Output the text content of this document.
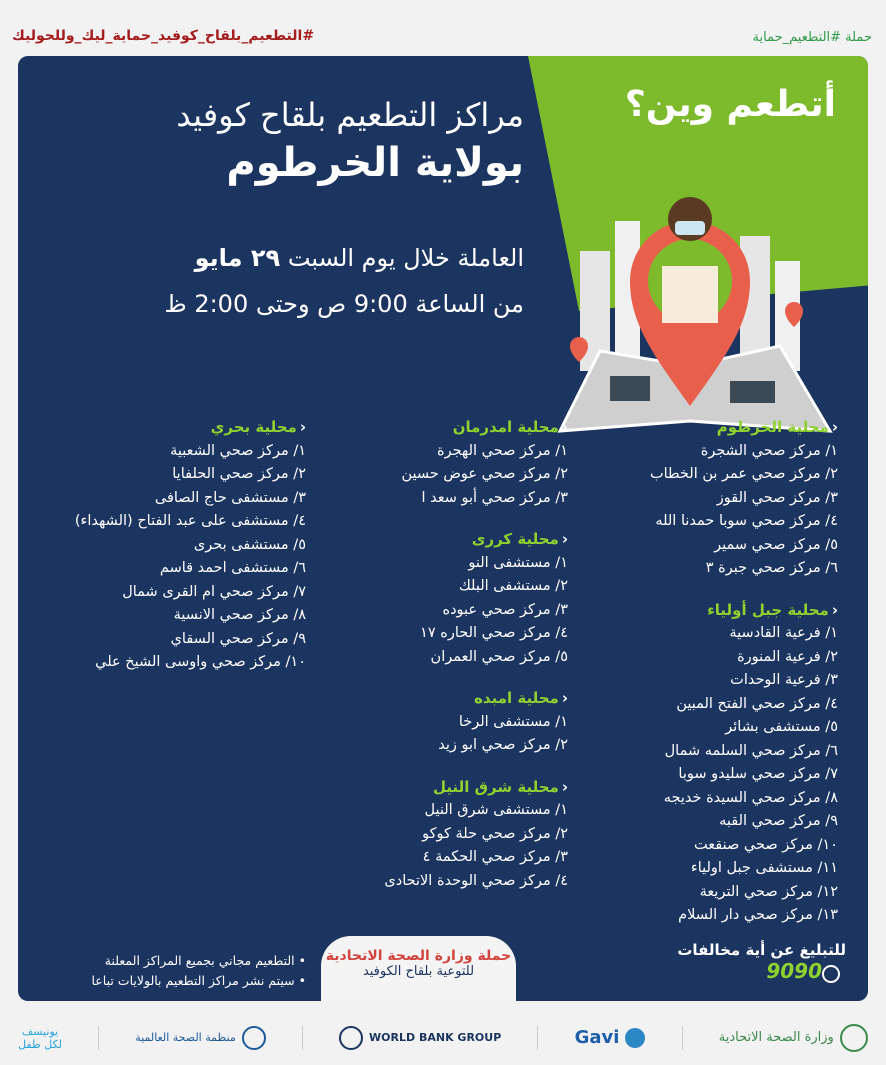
#التطعيم_بلقاح_كوفيد_حماية_ليك_وللحوليك	حملة #التطعيم_حماية
أتطعم وين؟
مراكز التطعيم بلقاح كوفيد
بولاية الخرطوم
العاملة خلال يوم السبت ٢٩ مايو
من الساعة 9:00 ص وحتى 2:00 ظ
‹محلية الخرطوم
١/ مركز صحي الشجرة
٢/ مركز صحي عمر بن الخطاب
٣/ مركز صحي القوز
٤/ مركز صحي سوبا حمدنا الله
٥/ مركز صحي سمير
٦/ مركز صحي جبرة ٣
‹محلية جبل أولياء
١/ فرعية القادسية
٢/ فرعية المنورة
٣/ فرعية الوحدات
٤/ مركز صحي الفتح المبين
٥/ مستشفى بشائر
٦/ مركز صحي السلمه شمال
٧/ مركز صحي سليدو سوبا
٨/ مركز صحي السيدة خديجه
٩/ مركز صحي القبه
١٠/ مركز صحي صنقعت
١١/ مستشفى جبل اولياء
١٢/ مركز صحي التريعة
١٣/ مركز صحي دار السلام
‹محلية امدرمان
١/ مركز صحي الهجرة
٢/ مركز صحي عوض حسين
٣/ مركز صحي أبو سعد ا
‹محلية كررى
١/ مستشفى النو
٢/ مستشفى البلك
٣/ مركز صحي عبوده
٤/ مركز صحي الحاره ١٧
٥/ مركز صحي العمران
‹محلية امبده
١/ مستشفى الرخا
٢/ مركز صحي ابو زيد
‹محلية شرق النيل
١/ مستشفى شرق النيل
٢/ مركز صحي حلة كوكو
٣/ مركز صحي الحكمة ٤
٤/ مركز صحي الوحدة الاتحادى
‹محلية بحري
١/ مركز صحي الشعبية
٢/ مركز صحي الحلفايا
٣/ مستشفى حاج الصافى
٤/ مستشفى على عبد الفتاح (الشهداء)
٥/ مستشفى بحرى
٦/ مستشفى احمد قاسم
٧/ مركز صحي ام القرى شمال
٨/ مركز صحي الانسية
٩/ مركز صحي السقاي
١٠/ مركز صحي واوسى الشيخ علي
للتبليغ عن أية مخالفات
9090
حملة وزارة الصحة الاتحادية
للتوعية بلقاح الكوفيد
• التطعيم مجاني بجميع المراكز المعلنة
• سيتم نشر مراكز التطعيم بالولايات تباعا
يونيسف
لكل طفل	منظمة الصحة العالمية	WORLD BANK GROUP	Gavi	وزارة الصحة الاتحادية
